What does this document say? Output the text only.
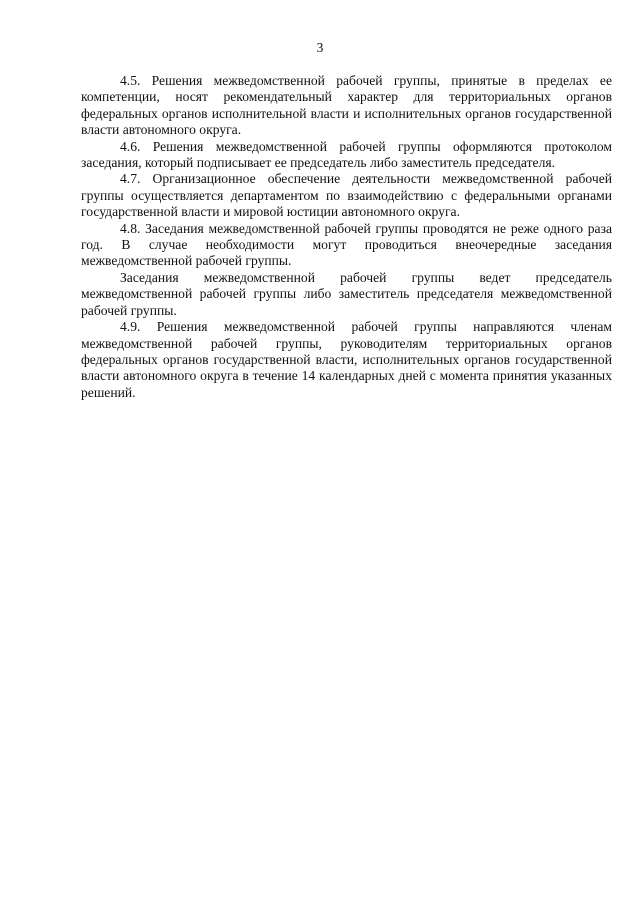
3

4.5. Решения межведомственной рабочей группы, принятые в пределах ее компетенции, носят рекомендательный характер для территориальных органов федеральных органов исполнительной власти и исполнительных органов государственной власти автономного округа.

4.6. Решения межведомственной рабочей группы оформляются протоколом заседания, который подписывает ее председатель либо заместитель председателя.

4.7. Организационное обеспечение деятельности межведомственной рабочей группы осуществляется департаментом по взаимодействию с федеральными органами государственной власти и мировой юстиции автономного округа.

4.8. Заседания межведомственной рабочей группы проводятся не реже одного раза год. В случае необходимости могут проводиться внеочередные заседания межведомственной рабочей группы.

Заседания межведомственной рабочей группы ведет председатель межведомственной рабочей группы либо заместитель председателя межведомственной рабочей группы.

4.9. Решения межведомственной рабочей группы направляются членам межведомственной рабочей группы, руководителям территориальных органов федеральных органов государственной власти, исполнительных органов государственной власти автономного округа в течение 14 календарных дней с момента принятия указанных решений.
